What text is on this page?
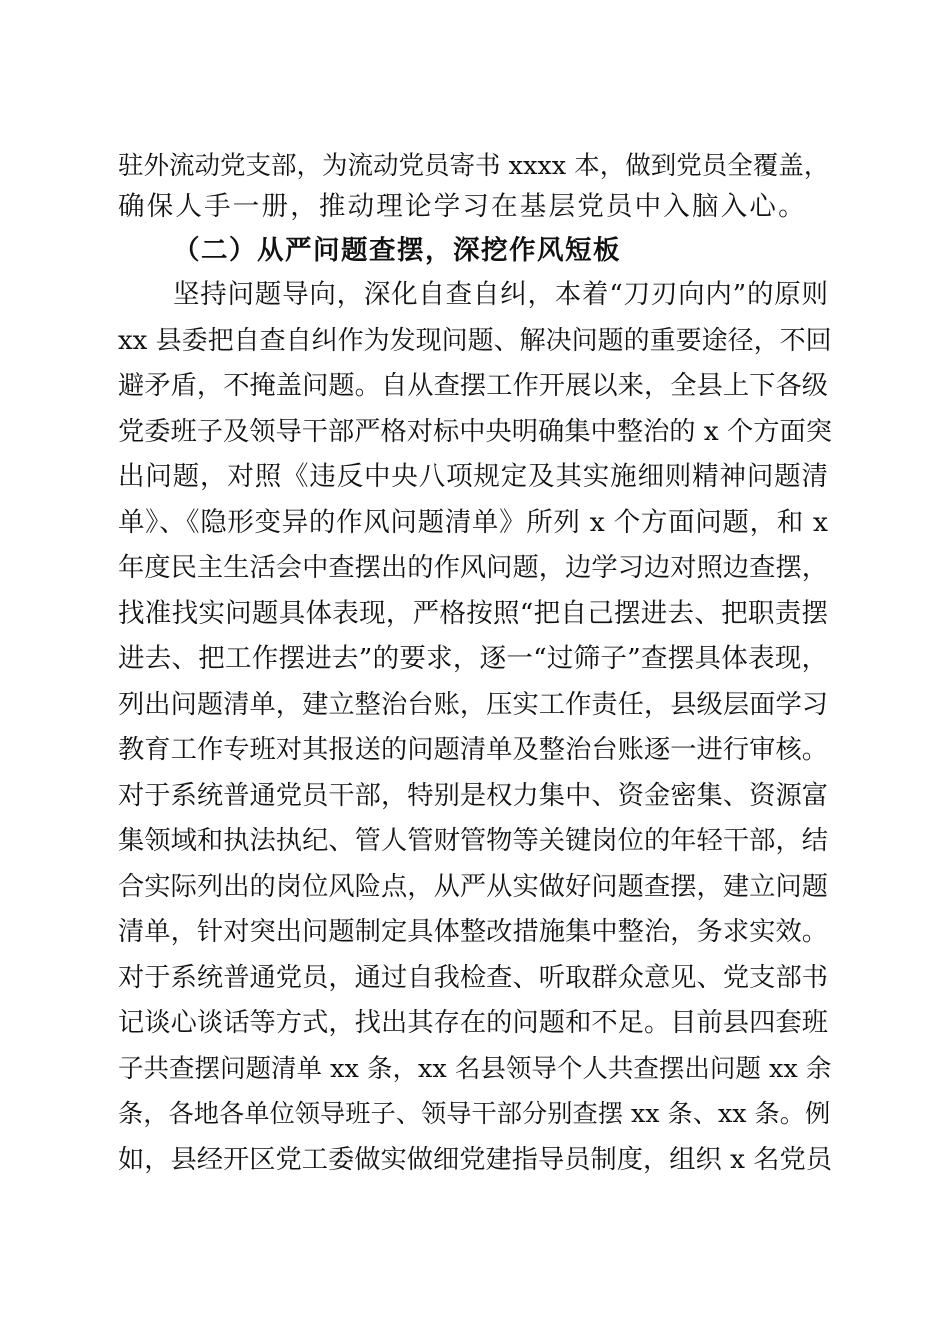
驻外流动党支部，为流动党员寄书 xxxx 本，做到党员全覆盖，
确保人手一册，推动理论学习在基层党员中入脑入心。
（二）从严问题查摆，深挖作风短板
坚持问题导向，深化自查自纠，本着“刀刃向内”的原则
xx 县委把自查自纠作为发现问题、解决问题的重要途径，不回
避矛盾，不掩盖问题。自从查摆工作开展以来，全县上下各级
党委班子及领导干部严格对标中央明确集中整治的 x 个方面突
出问题，对照《违反中央八项规定及其实施细则精神问题清
单》、《隐形变异的作风问题清单》所列 x 个方面问题，和 x
年度民主生活会中查摆出的作风问题，边学习边对照边查摆，
找准找实问题具体表现，严格按照“把自己摆进去、把职责摆
进去、把工作摆进去”的要求，逐一“过筛子”查摆具体表现，
列出问题清单，建立整治台账，压实工作责任，县级层面学习
教育工作专班对其报送的问题清单及整治台账逐一进行审核。
对于系统普通党员干部，特别是权力集中、资金密集、资源富
集领域和执法执纪、管人管财管物等关键岗位的年轻干部，结
合实际列出的岗位风险点，从严从实做好问题查摆，建立问题
清单，针对突出问题制定具体整改措施集中整治，务求实效。
对于系统普通党员，通过自我检查、听取群众意见、党支部书
记谈心谈话等方式，找出其存在的问题和不足。目前县四套班
子共查摆问题清单 xx 条，xx 名县领导个人共查摆出问题 xx 余
条，各地各单位领导班子、领导干部分别查摆 xx 条、xx 条。例
如，县经开区党工委做实做细党建指导员制度，组织 x 名党员
